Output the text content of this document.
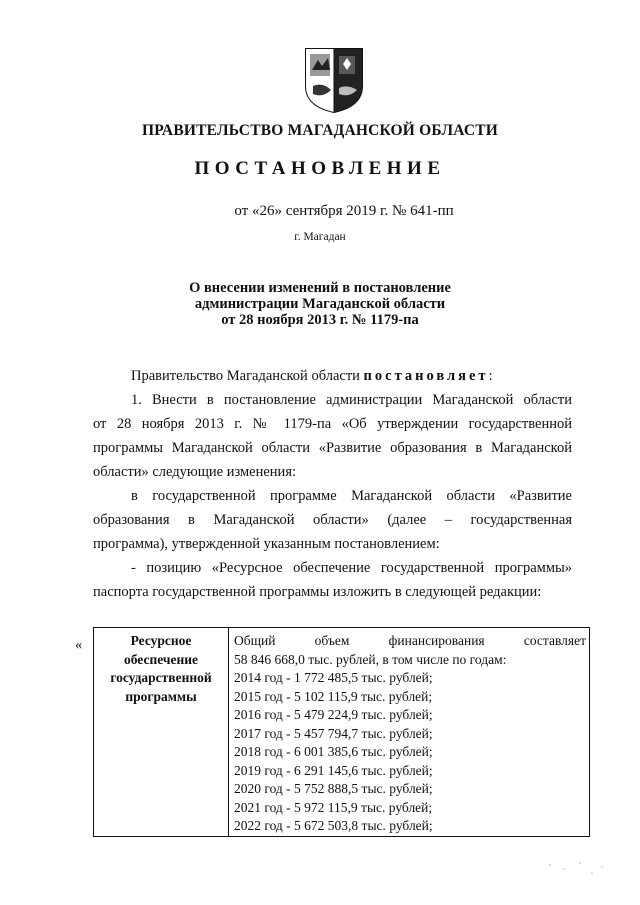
ПРАВИТЕЛЬСТВО МАГАДАНСКОЙ ОБЛАСТИ
ПОСТАНОВЛЕНИЕ
от «26» сентября 2019 г. № 641-пп
г. Магадан
О внесении изменений в постановление
администрации Магаданской области
от 28 ноября 2013 г. № 1179-па
Правительство Магаданской области постановляет:
1. Внести в постановление администрации Магаданской области
от 28 ноября 2013 г. № 1179-па «Об утверждении государственной
программы Магаданской области «Развитие образования в Магаданской
области» следующие изменения:
в государственной программе Магаданской области «Развитие
образования в Магаданской области» (далее – государственная
программа), утвержденной указанным постановлением:
- позицию «Ресурсное обеспечение государственной программы»
паспорта государственной программы изложить в следующей редакции:
«	Ресурсное
обеспечение
государственной
программы

Общий объем финансирования составляет
58 846 668,0 тыс. рублей, в том числе по годам:
2014 год - 1 772 485,5 тыс. рублей;
2015 год - 5 102 115,9 тыс. рублей;
2016 год - 5 479 224,9 тыс. рублей;
2017 год - 5 457 794,7 тыс. рублей;
2018 год - 6 001 385,6 тыс. рублей;
2019 год - 6 291 145,6 тыс. рублей;
2020 год - 5 752 888,5 тыс. рублей;
2021 год - 5 972 115,9 тыс. рублей;
2022 год - 5 672 503,8 тыс. рублей;
